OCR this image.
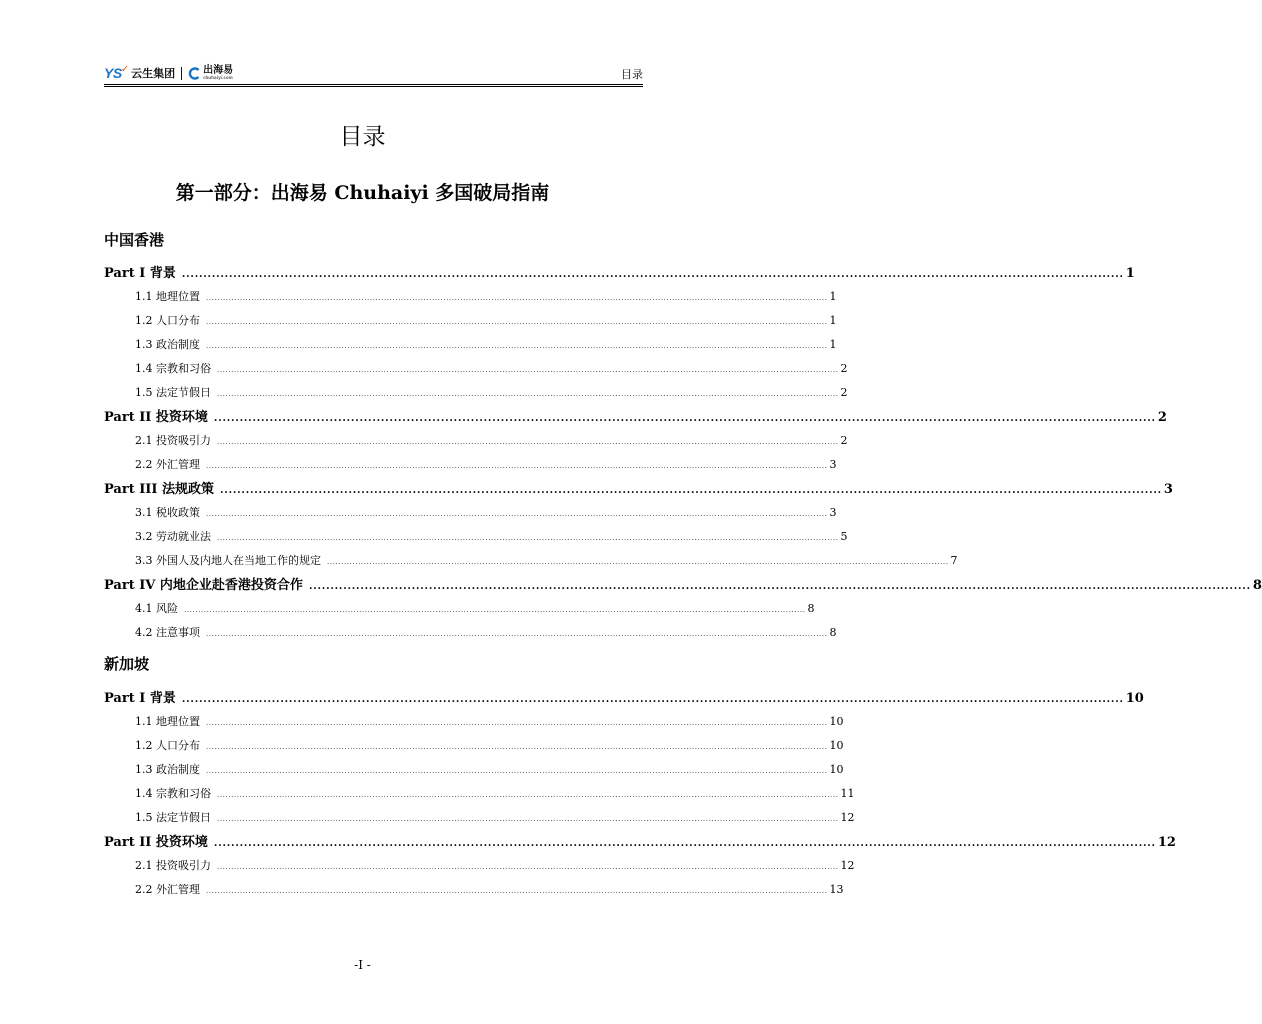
YS ✓ 云生集团	出海易
chuhaiyi.com	目录
目录
第一部分：出海易 Chuhaiyi 多国破局指南
中国香港
Part I 背景 ............................................................................................................................................................................................................................ 1
1.1 地理位置 ............................................................................................................................................................................................................................ 1
1.2 人口分布 ............................................................................................................................................................................................................................ 1
1.3 政治制度 ............................................................................................................................................................................................................................ 1
1.4 宗教和习俗 ............................................................................................................................................................................................................................ 2
1.5 法定节假日 ............................................................................................................................................................................................................................ 2
Part II 投资环境 ............................................................................................................................................................................................................................ 2
2.1 投资吸引力 ............................................................................................................................................................................................................................ 2
2.2 外汇管理 ............................................................................................................................................................................................................................ 3
Part III 法规政策 ............................................................................................................................................................................................................................ 3
3.1 税收政策 ............................................................................................................................................................................................................................ 3
3.2 劳动就业法 ............................................................................................................................................................................................................................ 5
3.3 外国人及内地人在当地工作的规定 ............................................................................................................................................................................................................................ 7
Part IV 内地企业赴香港投资合作 ............................................................................................................................................................................................................................ 8
4.1 风险 ............................................................................................................................................................................................................................ 8
4.2 注意事项 ............................................................................................................................................................................................................................ 8
新加坡
Part I 背景 ............................................................................................................................................................................................................................ 10
1.1 地理位置 ............................................................................................................................................................................................................................ 10
1.2 人口分布 ............................................................................................................................................................................................................................ 10
1.3 政治制度 ............................................................................................................................................................................................................................ 10
1.4 宗教和习俗 ............................................................................................................................................................................................................................ 11
1.5 法定节假日 ............................................................................................................................................................................................................................ 12
Part II 投资环境 ............................................................................................................................................................................................................................ 12
2.1 投资吸引力 ............................................................................................................................................................................................................................ 12
2.2 外汇管理 ............................................................................................................................................................................................................................ 13
-I -
